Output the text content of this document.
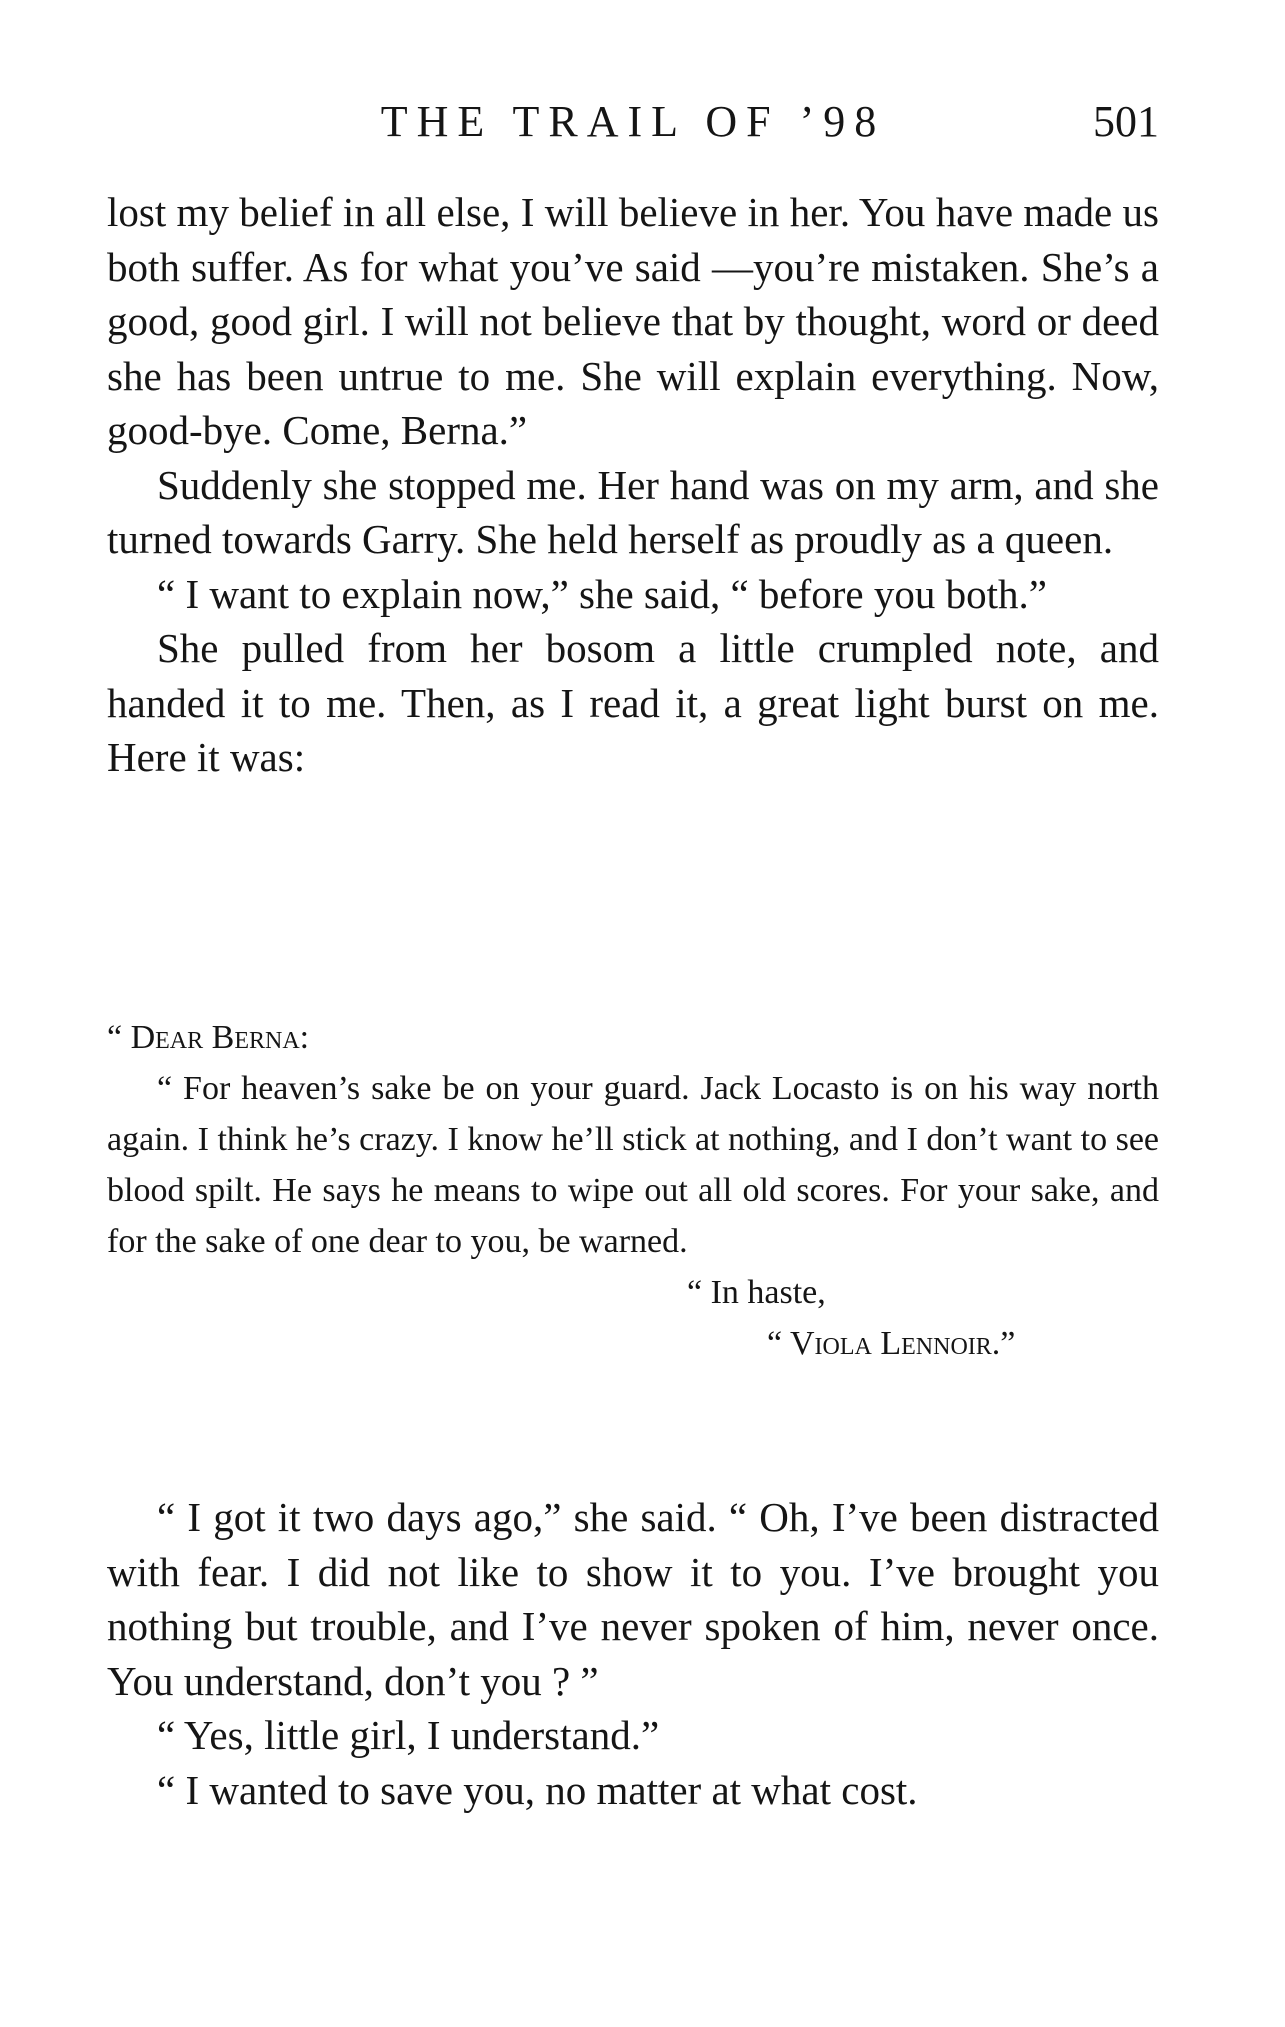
THE TRAIL OF ’98	501

lost my belief in all else, I will believe in her. You have made us both suffer. As for what you’ve said —you’re mistaken. She’s a good, good girl. I will not believe that by thought, word or deed she has been untrue to me. She will explain everything. Now, good-bye. Come, Berna.”

Suddenly she stopped me. Her hand was on my arm, and she turned towards Garry. She held herself as proudly as a queen.

“ I want to explain now,” she said, “ before you both.”

She pulled from her bosom a little crumpled note, and handed it to me. Then, as I read it, a great light burst on me. Here it was:

“ Dear Berna:

“ For heaven’s sake be on your guard. Jack Locasto is on his way north again. I think he’s crazy. I know he’ll stick at nothing, and I don’t want to see blood spilt. He says he means to wipe out all old scores. For your sake, and for the sake of one dear to you, be warned.

“ In haste,

“ Viola Lennoir.”

“ I got it two days ago,” she said. “ Oh, I’ve been distracted with fear. I did not like to show it to you. I’ve brought you nothing but trouble, and I’ve never spoken of him, never once. You understand, don’t you ? ”

“ Yes, little girl, I understand.”

“ I wanted to save you, no matter at what cost.
